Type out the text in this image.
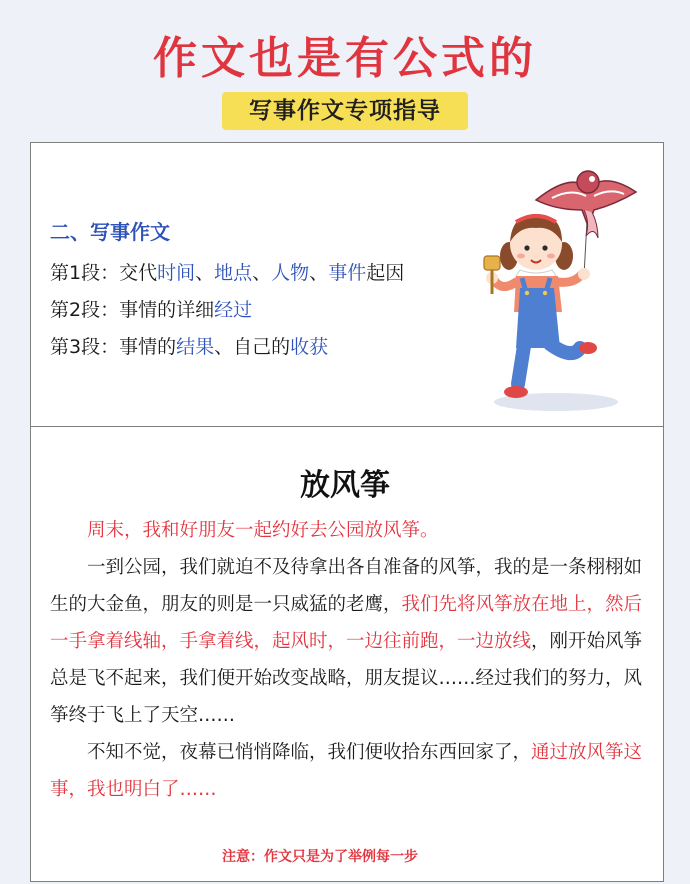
作文也是有公式的
写事作文专项指导
二、写事作文
第1段：交代时间、地点、人物、事件起因
第2段：事情的详细经过
第3段：事情的结果、自己的收获
放风筝

周末，我和好朋友一起约好去公园放风筝。

一到公园，我们就迫不及待拿出各自准备的风筝，我的是一条栩栩如生的大金鱼，朋友的则是一只威猛的老鹰，我们先将风筝放在地上，然后一手拿着线轴，手拿着线，起风时，一边往前跑，一边放线，刚开始风筝总是飞不起来，我们便开始改变战略，朋友提议……经过我们的努力，风筝终于飞上了天空……

不知不觉，夜幕已悄悄降临，我们便收拾东西回家了，通过放风筝这事，我也明白了……

注意：作文只是为了举例每一步
